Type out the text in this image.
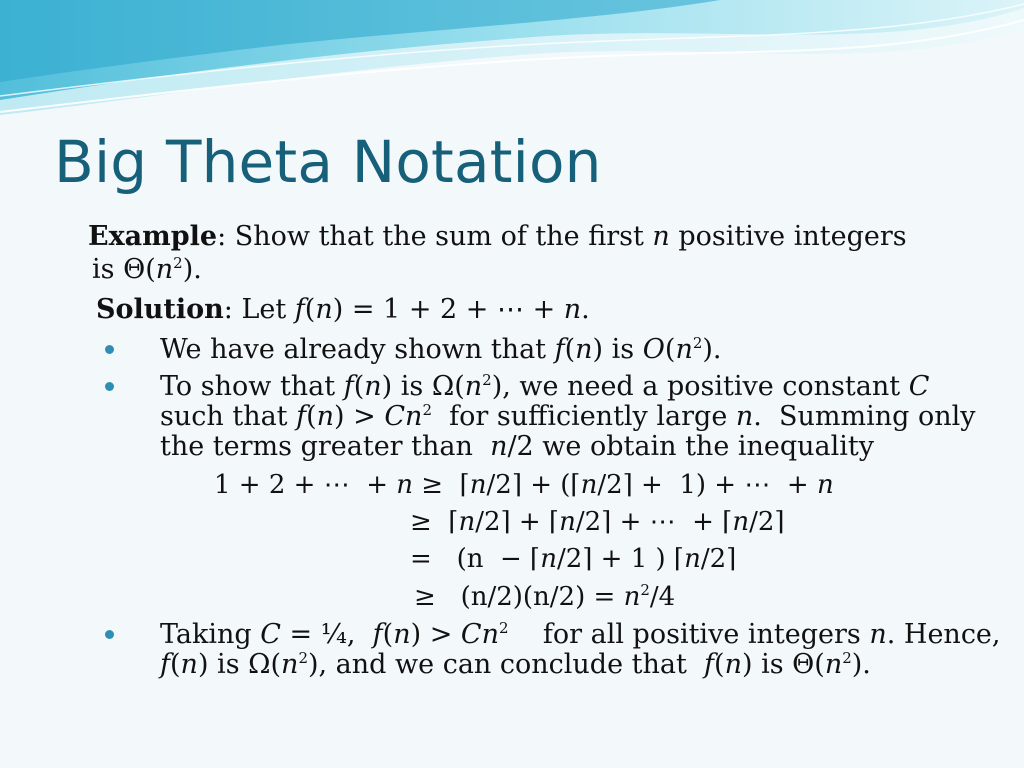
Big Theta Notation
Example: Show that the sum of the first n positive integers
is $\Theta(n^2)$.
Solution: Let f(n) = 1 + 2 + ⋯ + n.
We have already shown that f(n) is $O(n^2)$.
To show that f(n) is $\Omega(n^2)$, we need a positive constant C
such that $f(n) > Cn^2$  for sufficiently large n.  Summing only
the terms greater than  n/2 we obtain the inequality
1 + 2 + ⋯  + n ≥  ⌈n/2⌉ + (⌈n/2⌉ +  1) + ⋯  + n
≥  ⌈n/2⌉ + ⌈n/2⌉ + ⋯  + ⌈n/2⌉
=   (n  − ⌈n/2⌉ + 1 ) ⌈n/2⌉
≥   $(n/2)(n/2) = n^2/4$
Taking C = ¼,  $f(n) > Cn^2$    for all positive integers n. Hence,
f(n) is $\Omega(n^2)$, and we can conclude that  f(n) is $\Theta(n^2)$.
